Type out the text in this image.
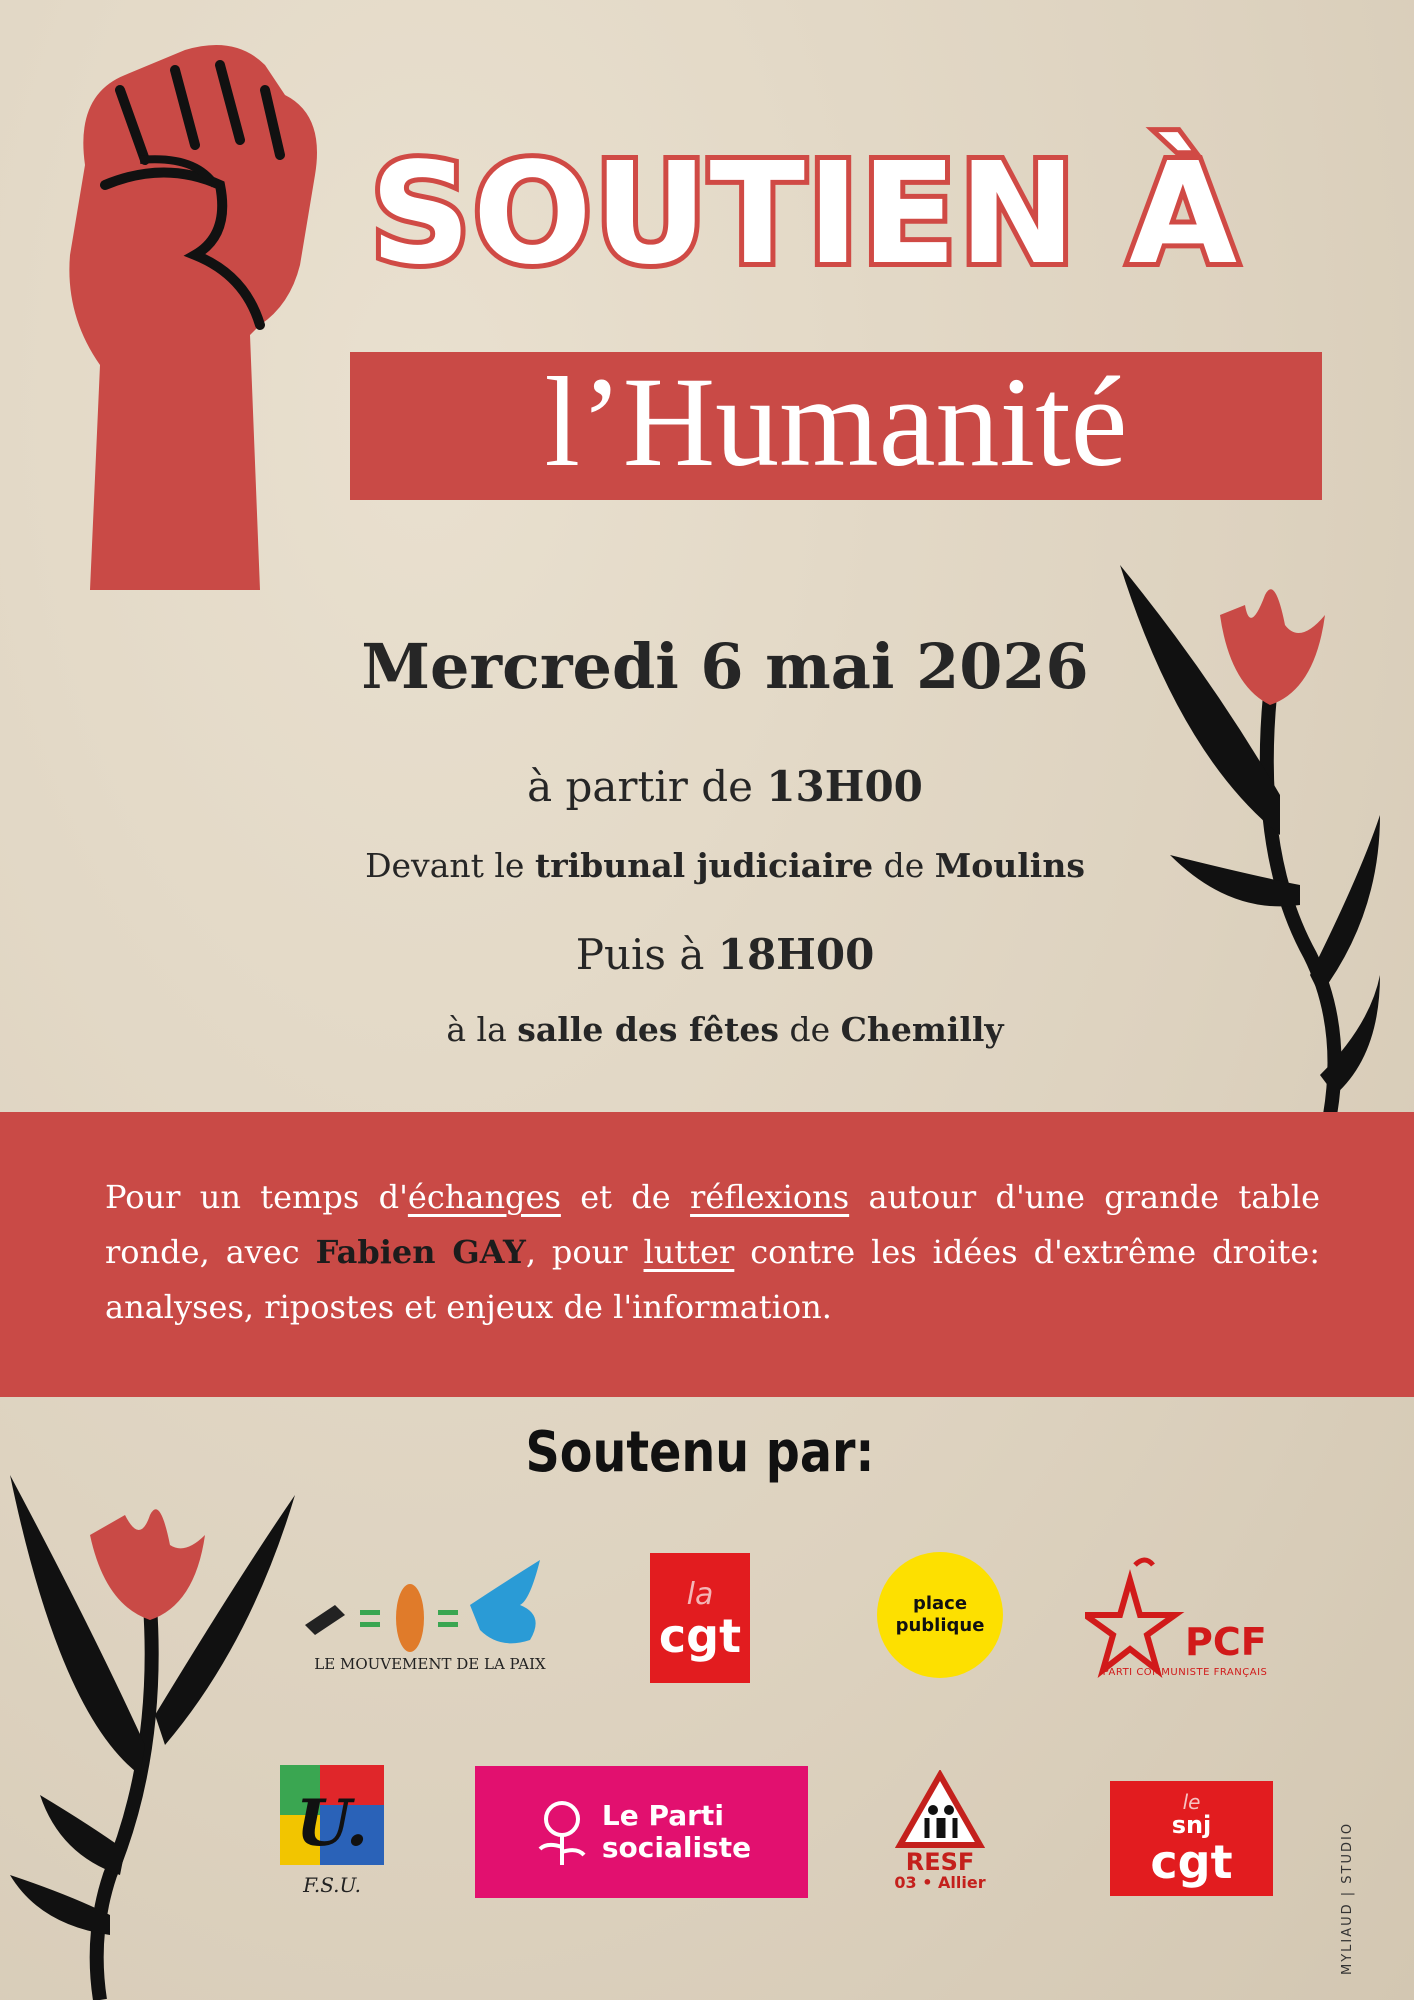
SOUTIEN À
l’Humanité
Mercredi 6 mai 2026
à partir de 13H00
Devant le tribunal judiciaire de Moulins
Puis à 18H00
à la salle des fêtes de Chemilly
Pour un temps d'échanges et de réflexions autour d'une grande table ronde, avec Fabien GAY, pour lutter contre les idées d'extrême droite: analyses, ripostes et enjeux de l'information.
Soutenu par:
LE MOUVEMENT DE LA PAIX
la
cgt
place
publique	PCF
PARTI COMMUNISTE FRANÇAIS
U.
F.S.U.
Le Parti
socialiste	RESF
03 • Allier
le
snj
cgt	MYLIAUD | STUDIO
